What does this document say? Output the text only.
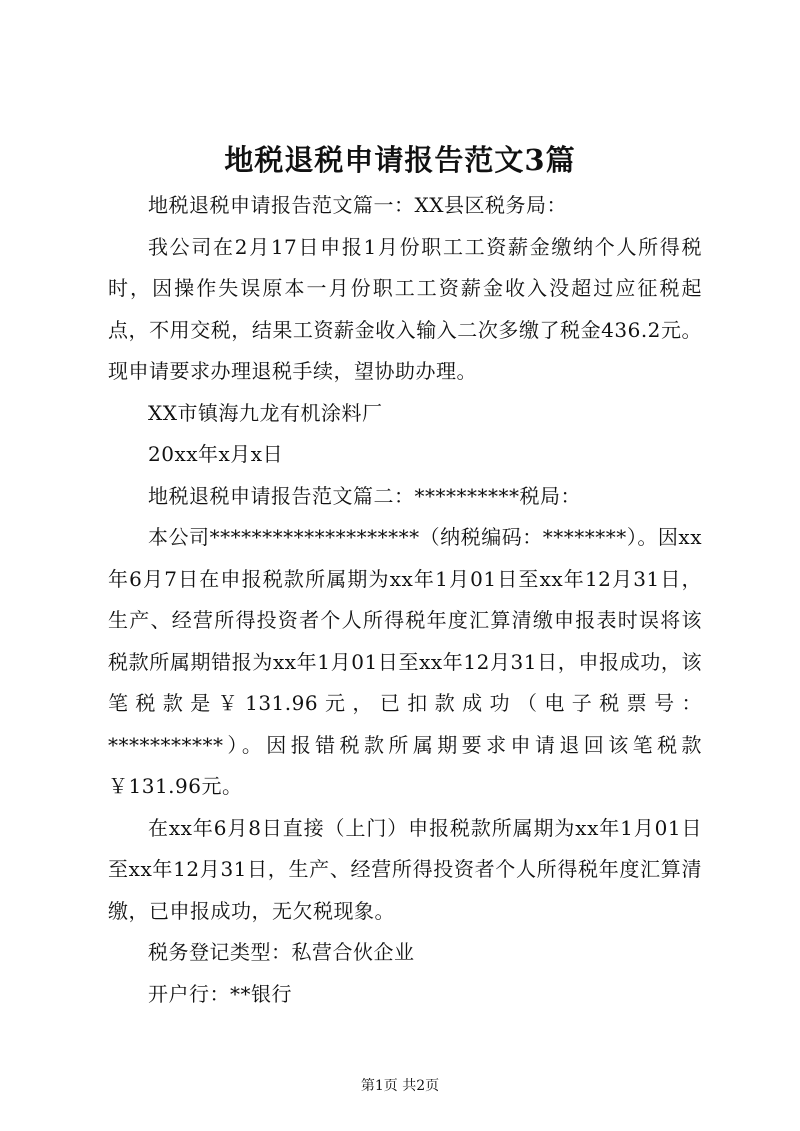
地税退税申请报告范文3篇

地税退税申请报告范文篇一：XX县区税务局：

我公司在2月17日申报1月份职工工资薪金缴纳个人所得税时，因操作失误原本一月份职工工资薪金收入没超过应征税起点，不用交税，结果工资薪金收入输入二次多缴了税金436.2元。现申请要求办理退税手续，望协助办理。

XX市镇海九龙有机涂料厂

20xx年x月x日

地税退税申请报告范文篇二：**********税局：

本公司********************（纳税编码：********）。因xx年6月7日在申报税款所属期为xx年1月01日至xx年12月31日，生产、经营所得投资者个人所得税年度汇算清缴申报表时误将该税款所属期错报为xx年1月01日至xx年12月31日，申报成功，该笔税款是￥131.96元，已扣款成功（电子税票号：***********）。因报错税款所属期要求申请退回该笔税款￥131.96元。

在xx年6月8日直接（上门）申报税款所属期为xx年1月01日至xx年12月31日，生产、经营所得投资者个人所得税年度汇算清缴，已申报成功，无欠税现象。

税务登记类型：私营合伙企业

开户行：**银行

第1页 共2页
